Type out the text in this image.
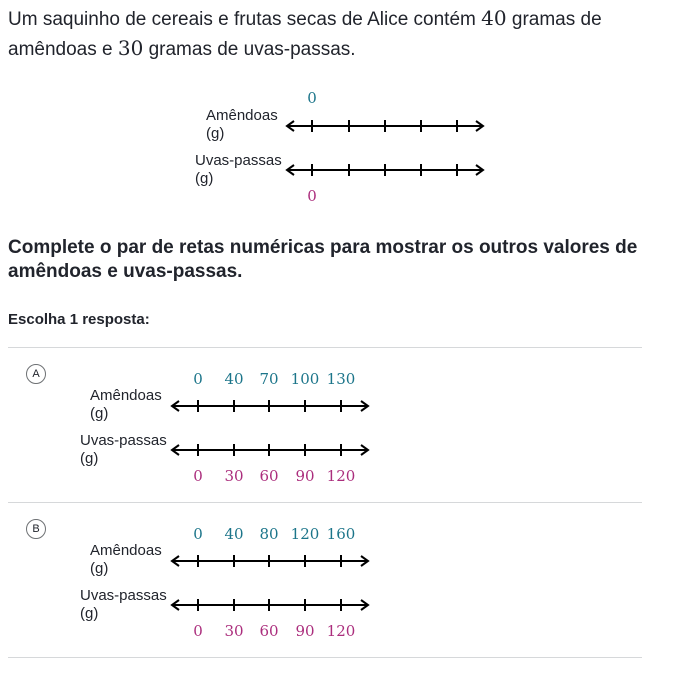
Um saquinho de cereais e frutas secas de Alice contém 40 gramas de amêndoas e 30 gramas de uvas-passas.
Amêndoas
(g)
Uvas-passas
(g)
0
0
0 40 70 100 130
0 30 60 90 120
0 40 80 120 160
0 30 60 90 120
Complete o par de retas numéricas para mostrar os outros valores de amêndoas e uvas-passas.
Escolha 1 resposta:
A
Amêndoas
(g)
Uvas-passas
(g)
B
Amêndoas
(g)
Uvas-passas
(g)
